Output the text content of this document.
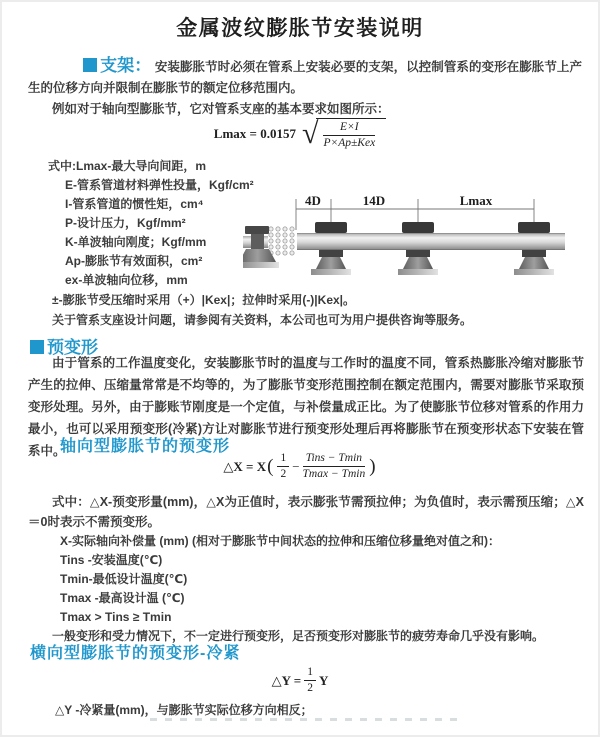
金属波纹膨胀节安装说明

支架： 安装膨胀节时必须在管系上安装必要的支架，以控制管系的变形在膨胀节上产生的位移方向并限制在膨胀节的额定位移范围内。

例如对于轴向型膨胀节，它对管系支座的基本要求如图所示：
Lmax = 0.0157 √ $\frac{E\times I}{\text{P×Ap±Kex}}$
式中:Lmax-最大导向间距，m
E-管系管道材料弹性投量，Kgf/cm²
I-管系管道的惯性矩，cm⁴
P-设计压力，Kgf/mm²
K-单波轴向刚度；Kgf/mm
Ap-膨胀节有效面积，cm²
ex-单波轴向位移，mm
4D	14D	Lmax
±-膨胀节受压缩时采用（+）|Kex|；拉伸时采用(-)|Kex|。
关于管系支座设计问题，请参阅有关资料，本公司也可为用户提供咨询等服务。
预变形

由于管系的工作温度变化，安装膨胀节时的温度与工作时的温度不同，管系热膨胀冷缩对膨胀节产生的拉伸、压缩量常常是不均等的，为了膨胀节变形范围控制在额定范围内，需要对膨胀节采取预变形处理。另外，由于膨账节刚度是一个定值，与补偿量成正比。为了使膨胀节位移对管系的作用力最小，也可以采用预变形(冷紧)方让对膨胀节进行预变形处理后再将膨胀节在预变形状态下安装在管系中。

轴向型膨胀节的预变形
△X = X ( $\frac{1}{2} - \frac{\text{Tins − Tmin}}{Tmax - Tmin}$ )

式中：△X-预变形量(mm)，△X为正值时，表示膨张节需预拉伸；为负值时，表示需预压缩；△X＝0时表示不需预变形。

X-实际轴向补偿量 (mm) (相对于膨胀节中间状态的拉伸和压缩位移量绝对值之和)：
Tins -安装温度(℃)
Tmin-最低设计温度(℃)
Tmax -最高设计温 (℃)
Tmax > Tins ≥ Tmin
一般变形和受力情况下，不一定进行预变形，足否预变形对膨胀节的疲劳寿命几乎没有影响。
横向型膨胀节的预变形-冷紧
△Y = $\frac{1}{2}$ Y
△Y -冷紧量(mm)，与膨胀节实际位移方向相反；
